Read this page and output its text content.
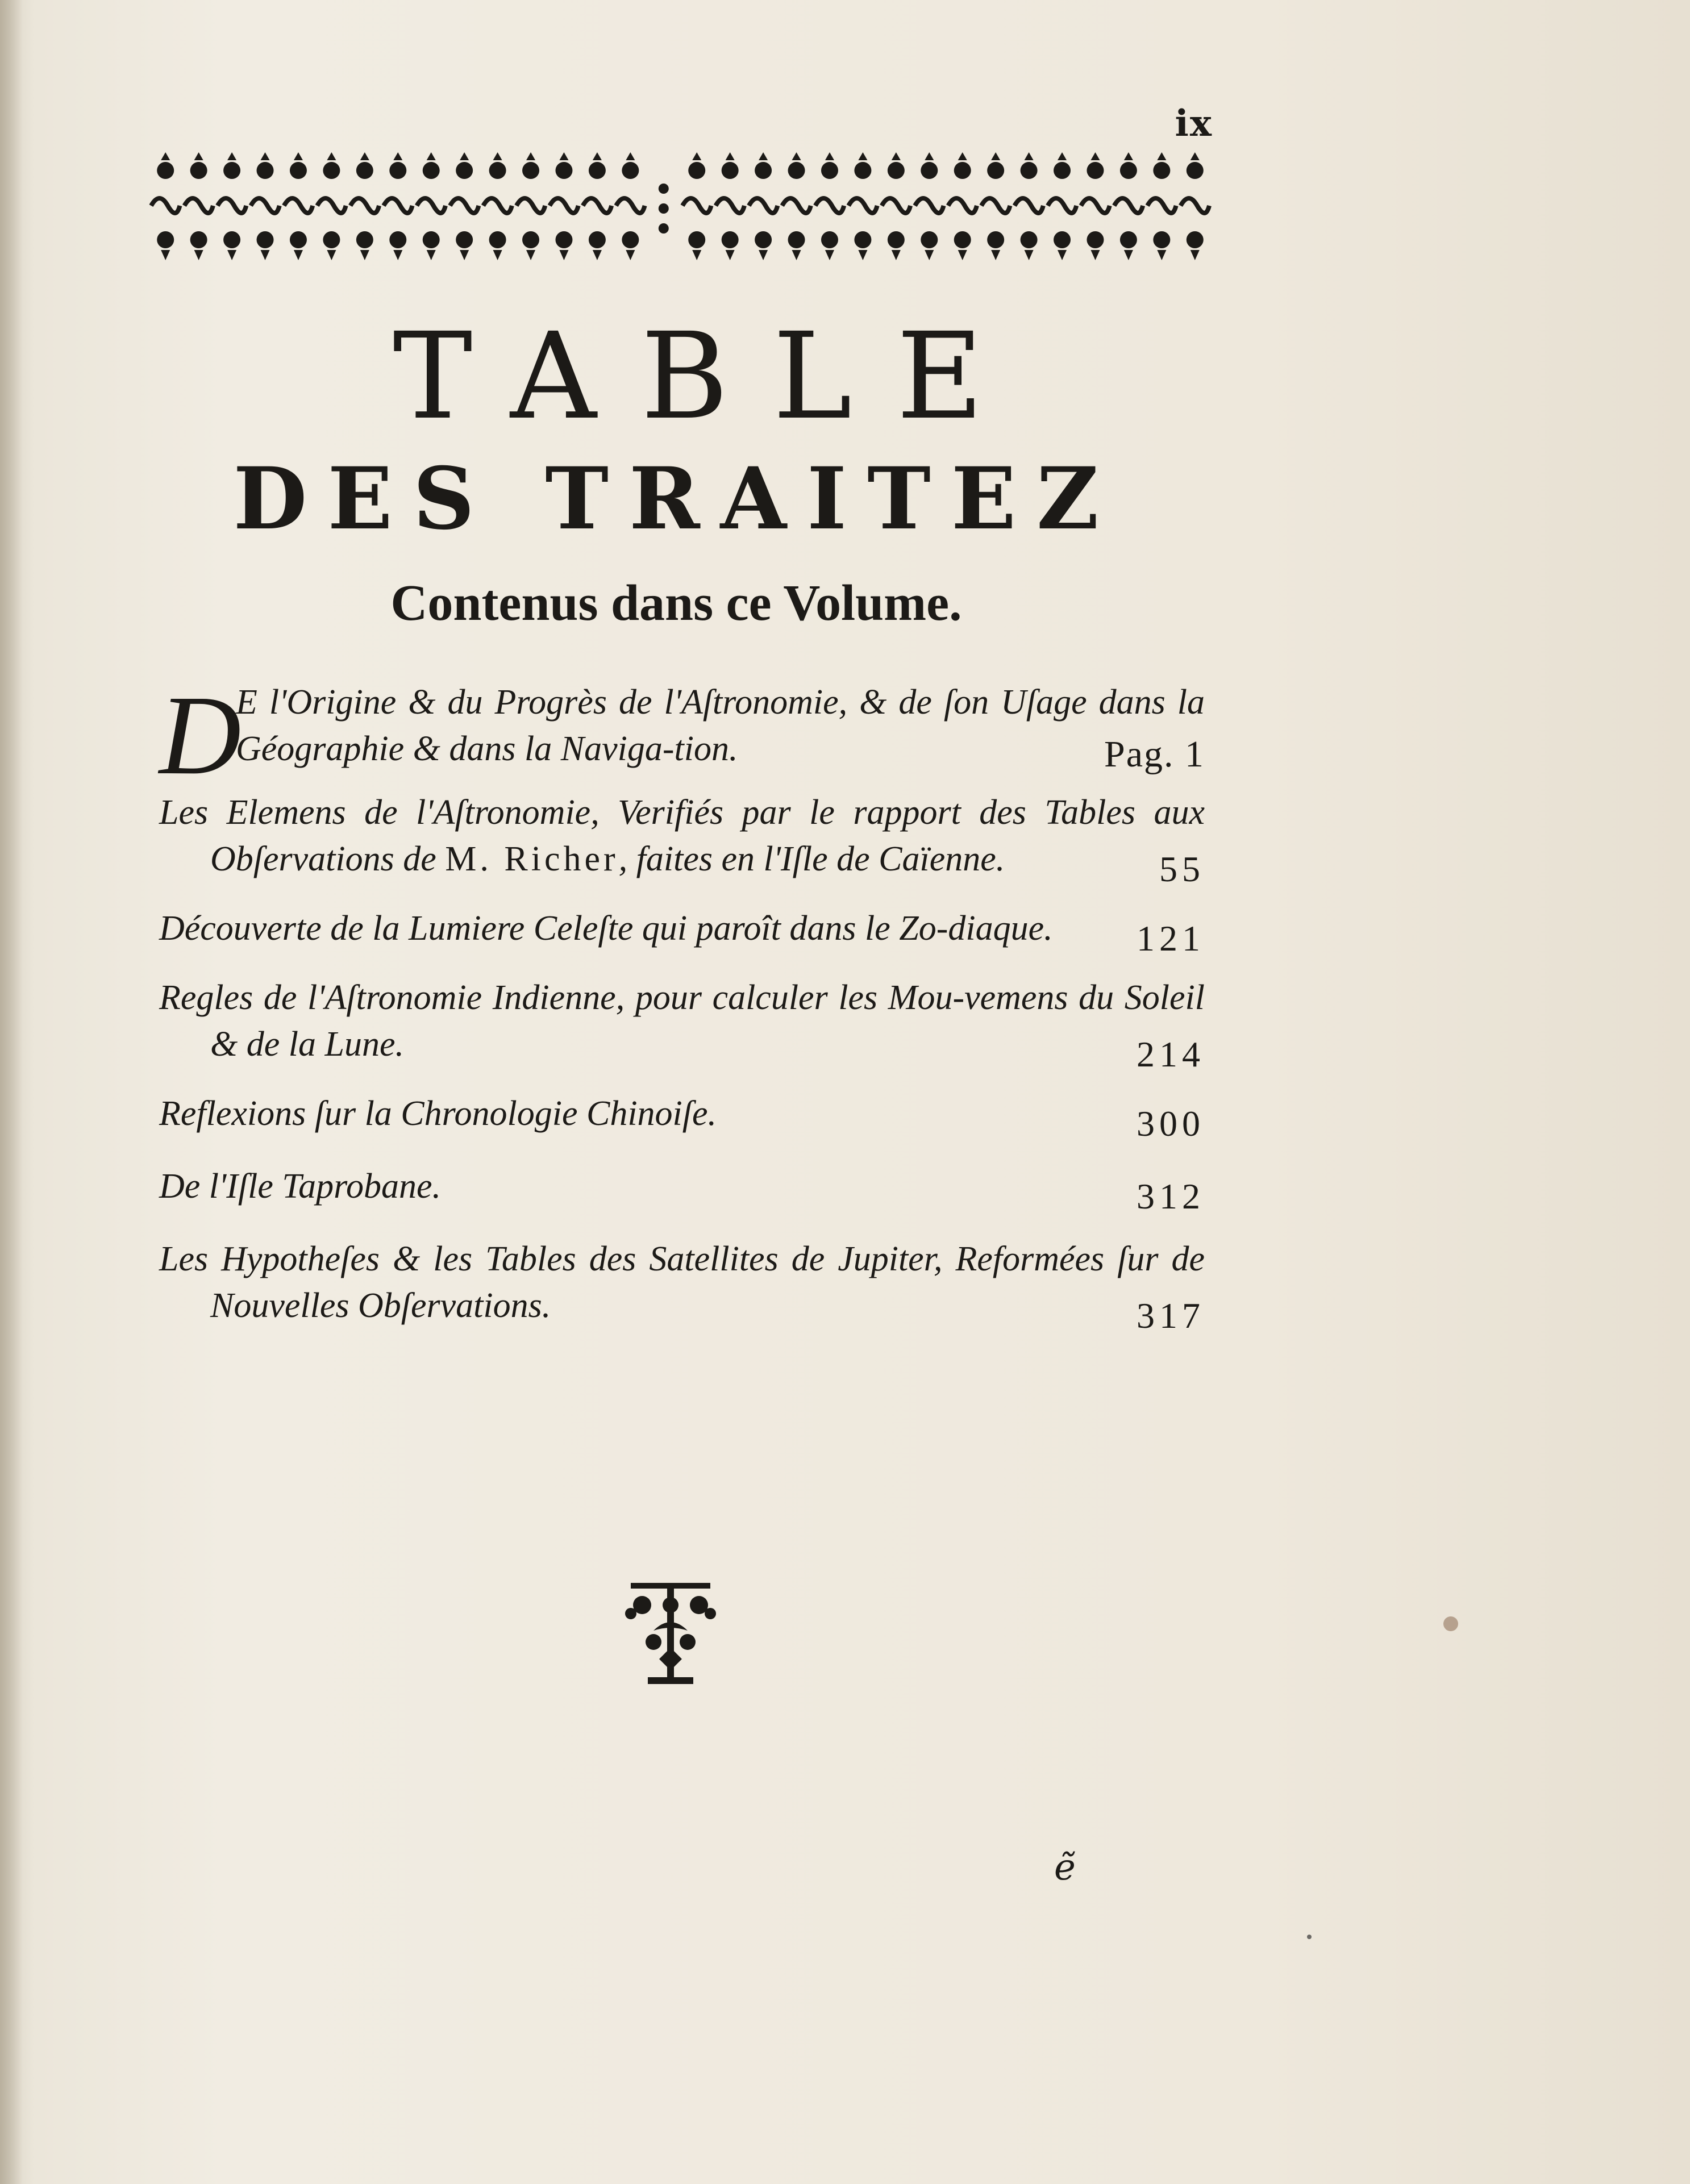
ix
TABLE
DES TRAITEZ
Contenus dans ce Volume.
D
E l'Origine & du Progrès de l'Aſtronomie, & de ſon Uſage dans la Géographie & dans la Naviga-tion.	Pag. 1
Les Elemens de l'Aſtronomie, Verifiés par le rapport des Tables aux Obſervations de M. Richer, faites en l'Iſle de Caïenne.	55
Découverte de la Lumiere Celeſte qui paroît dans le Zo-diaque.	121
Regles de l'Aſtronomie Indienne, pour calculer les Mou-vemens du Soleil & de la Lune.	214
Reflexions ſur la Chronologie Chinoiſe.	300
De l'Iſle Taprobane.	312
Les Hypotheſes & les Tables des Satellites de Jupiter, Reformées ſur de Nouvelles Obſervations.	317
ẽ
